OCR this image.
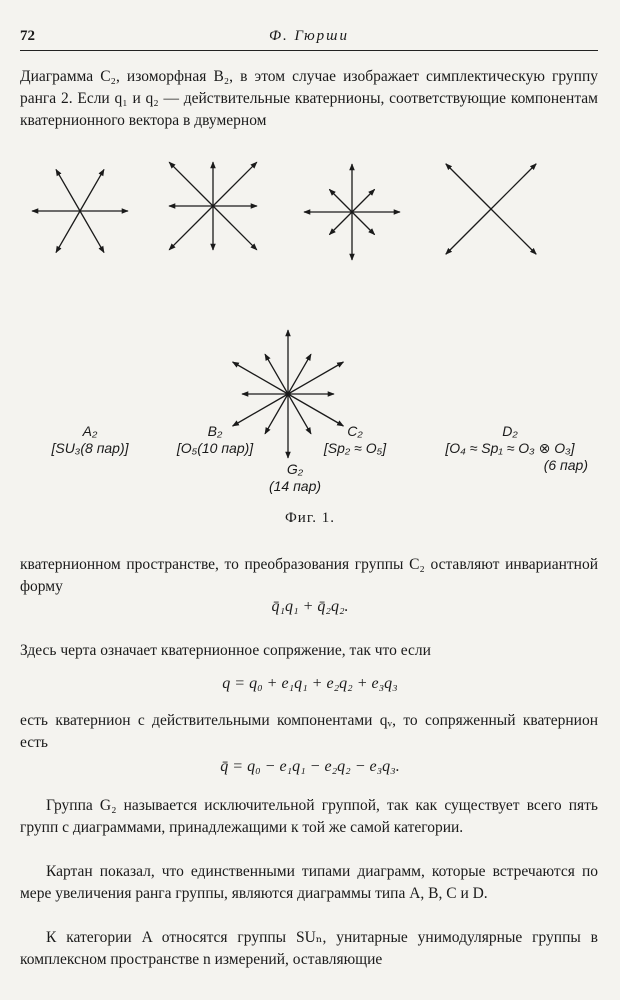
72	Ф. Гюрши

Диаграмма C₂, изоморфная B₂, в этом случае изображает симплектическую группу ранга 2. Если q₁ и q₂ — действительные кватернионы, соответствующие компонентам кватернионного вектора в двумерном

A₂
[SU₃(8 пар)]
B₂
[O₅(10 пар)]
C₂
[Sp₂ ≈ O₅]
D₂
[O₄ ≈ Sp₁ ≈ O₃ ⊗ O₃]
(6 пар)
G₂
(14 пар)
Фиг. 1.

кватернионном пространстве, то преобразования группы C₂ оставляют инвариантной форму

q̄₁q₁ + q̄₂q₂.

Здесь черта означает кватернионное сопряжение, так что если

q = q₀ + e₁q₁ + e₂q₂ + e₃q₃

есть кватернион с действительными компонентами qᵥ, то сопряженный кватернион есть

q̄ = q₀ − e₁q₁ − e₂q₂ − e₃q₃.

Группа G₂ называется исключительной группой, так как существует всего пять групп с диаграммами, принадлежащими к той же самой категории.

Картан показал, что единственными типами диаграмм, которые встречаются по мере увеличения ранга группы, являются диаграммы типа A, B, C и D.

К категории A относятся группы SUₙ, унитарные унимодулярные группы в комплексном пространстве n измерений, оставляющие
